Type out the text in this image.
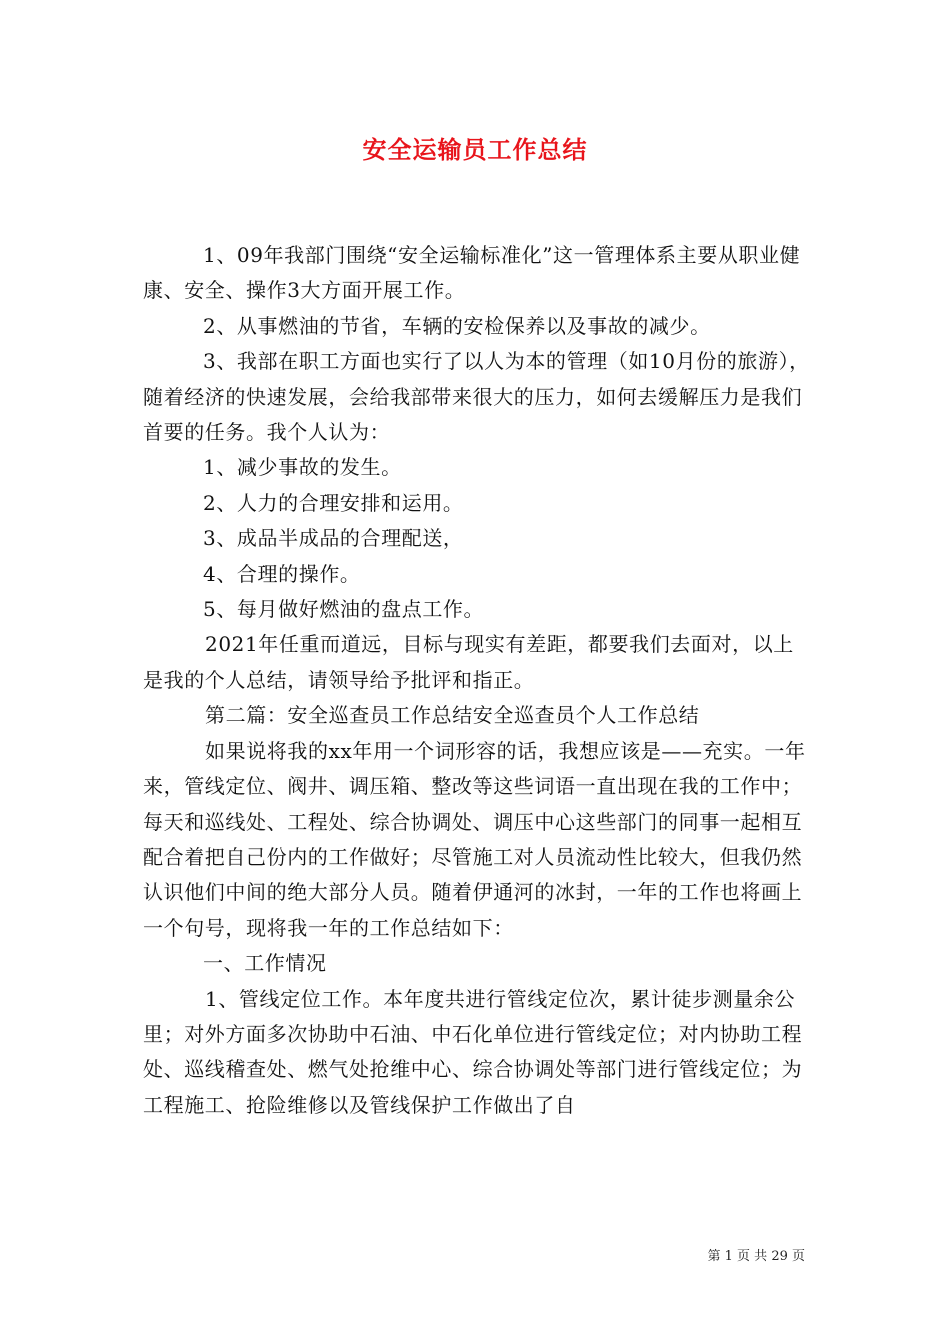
安全运输员工作总结

1、09年我部门围绕“安全运输标准化”这一管理体系主要从职业健康、安全、操作3大方面开展工作。

2、从事燃油的节省，车辆的安检保养以及事故的减少。

3、我部在职工方面也实行了以人为本的管理（如10月份的旅游），随着经济的快速发展，会给我部带来很大的压力，如何去缓解压力是我们首要的任务。我个人认为：

1、减少事故的发生。

2、人力的合理安排和运用。

3、成品半成品的合理配送，

4、合理的操作。

5、每月做好燃油的盘点工作。

2021年任重而道远，目标与现实有差距，都要我们去面对，以上是我的个人总结，请领导给予批评和指正。

第二篇：安全巡查员工作总结安全巡查员个人工作总结

如果说将我的xx年用一个词形容的话，我想应该是——充实。一年来，管线定位、阀井、调压箱、整改等这些词语一直出现在我的工作中；每天和巡线处、工程处、综合协调处、调压中心这些部门的同事一起相互配合着把自己份内的工作做好；尽管施工对人员流动性比较大，但我仍然认识他们中间的绝大部分人员。随着伊通河的冰封，一年的工作也将画上一个句号，现将我一年的工作总结如下：

一、工作情况

1、管线定位工作。本年度共进行管线定位次，累计徒步测量余公里；对外方面多次协助中石油、中石化单位进行管线定位；对内协助工程处、巡线稽查处、燃气处抢维中心、综合协调处等部门进行管线定位；为工程施工、抢险维修以及管线保护工作做出了自

第 1 页 共 29 页
